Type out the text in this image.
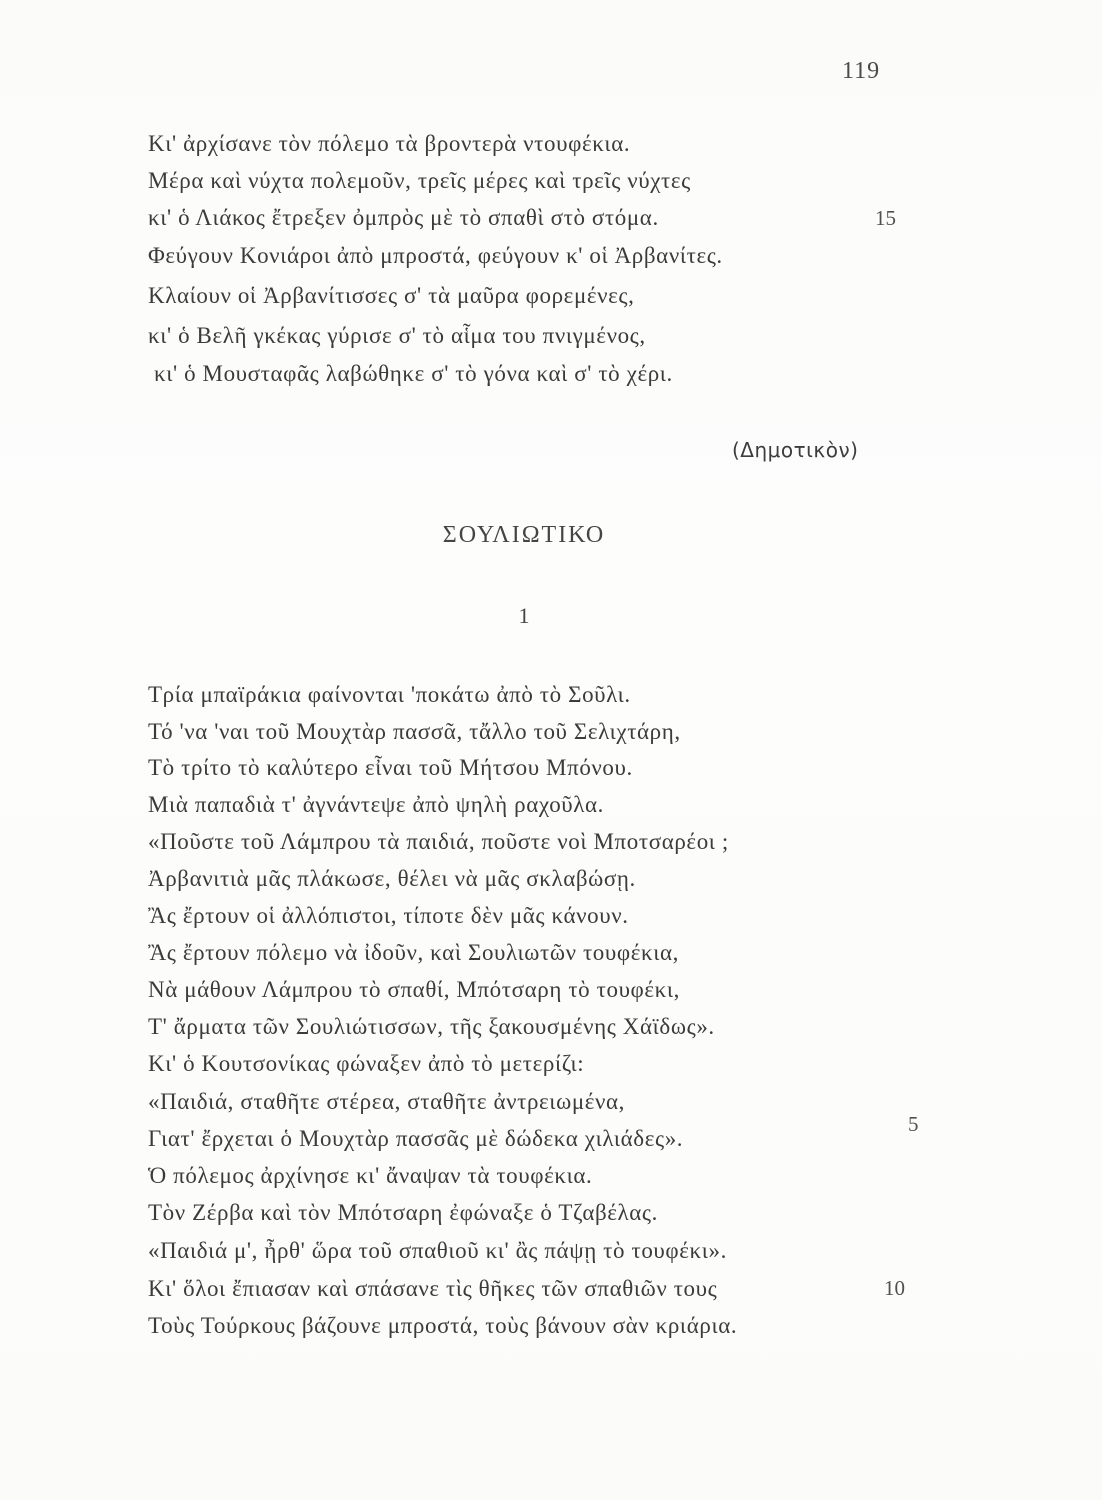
119
Κι' ἀρχίσανε τὸν πόλεμο τὰ βροντερὰ ντουφέκια.
Μέρα καὶ νύχτα πολεμοῦν, τρεῖς μέρες καὶ τρεῖς νύχτες
κι' ὁ Λιάκος ἔτρεξεν ὀμπρὸς μὲ τὸ σπαθὶ στὸ στόμα.	15
Φεύγουν Κονιάροι ἀπὸ μπροστά, φεύγουν κ' οἱ Ἀρβανίτες.
Κλαίουν οἱ Ἀρβανίτισσες σ' τὰ μαῦρα φορεμένες,
κι' ὁ Βελῆ γκέκας γύρισε σ' τὸ αἷμα του πνιγμένος,
κι' ὁ Μουσταφᾶς λαβώθηκε σ' τὸ γόνα καὶ σ' τὸ χέρι.
(Δημοτικὸν)
ΣΟΥΛΙΩΤΙΚΟ
1
Τρία μπαϊράκια φαίνονται 'ποκάτω ἀπὸ τὸ Σοῦλι.
Τό 'να 'ναι τοῦ Μουχτὰρ πασσᾶ, τἄλλο τοῦ Σελιχτάρη,
Τὸ τρίτο τὸ καλύτερο εἶναι τοῦ Μήτσου Μπόνου.
Μιὰ παπαδιὰ τ' ἀγνάντεψε ἀπὸ ψηλὴ ραχοῦλα.
«Ποῦστε τοῦ Λάμπρου τὰ παιδιά, ποῦστε νοὶ Μποτσαρέοι ;
Ἀρβανιτιὰ μᾶς πλάκωσε, θέλει νὰ μᾶς σκλαβώσῃ.
Ἂς ἔρτουν οἱ ἀλλόπιστοι, τίποτε δὲν μᾶς κάνουν.
Ἂς ἔρτουν πόλεμο νὰ ἰδοῦν, καὶ Σουλιωτῶν τουφέκια,
Νὰ μάθουν Λάμπρου τὸ σπαθί, Μπότσαρη τὸ τουφέκι,
Τ' ἄρματα τῶν Σουλιώτισσων, τῆς ξακουσμένης Χάϊδως».
Κι' ὁ Κουτσονίκας φώναξεν ἀπὸ τὸ μετερίζι:
«Παιδιά, σταθῆτε στέρεα, σταθῆτε ἀντρειωμένα,
5
Γιατ' ἔρχεται ὁ Μουχτὰρ πασσᾶς μὲ δώδεκα χιλιάδες».
Ὁ πόλεμος ἀρχίνησε κι' ἄναψαν τὰ τουφέκια.
Τὸν Ζέρβα καὶ τὸν Μπότσαρη ἐφώναξε ὁ Τζαβέλας.
«Παιδιά μ', ἦρθ' ὥρα τοῦ σπαθιοῦ κι' ἂς πάψῃ τὸ τουφέκι».
Κι' ὅλοι ἔπιασαν καὶ σπάσανε τὶς θῆκες τῶν σπαθιῶν τους	10
Τοὺς Τούρκους βάζουνε μπροστά, τοὺς βάνουν σὰν κριάρια.
